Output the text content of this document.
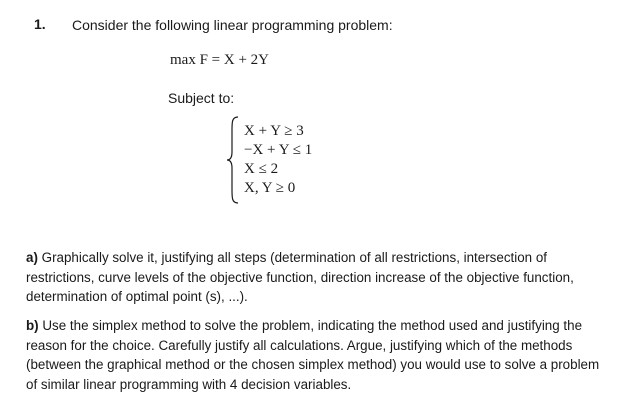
1. Consider the following linear programming problem:
max F = X + 2Y
Subject to:
X + Y ≥ 3
−X + Y ≤ 1
X ≤ 2
X, Y ≥ 0
a) Graphically solve it, justifying all steps (determination of all restrictions, intersection of restrictions, curve levels of the objective function, direction increase of the objective function, determination of optimal point (s), ...).
b) Use the simplex method to solve the problem, indicating the method used and justifying the reason for the choice. Carefully justify all calculations. Argue, justifying which of the methods (between the graphical method or the chosen simplex method) you would use to solve a problem of similar linear programming with 4 decision variables.
